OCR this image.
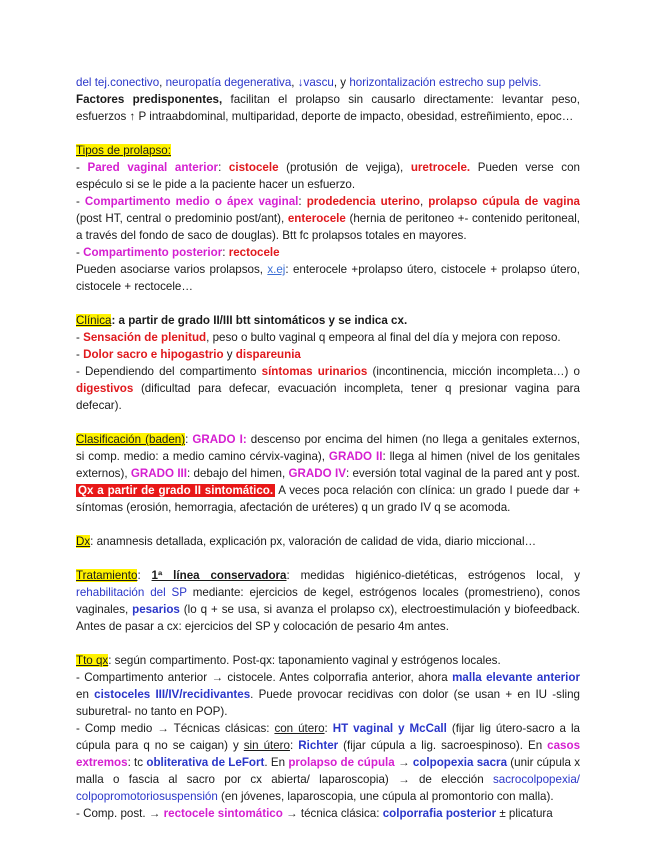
del tej.conectivo, neuropatía degenerativa, ↓vascu, y horizontalización estrecho sup pelvis.

Factores predisponentes, facilitan el prolapso sin causarlo directamente: levantar peso, esfuerzos ↑ P intraabdominal, multiparidad, deporte de impacto, obesidad, estreñimiento, epoc…

Tipos de prolapso:

- Pared vaginal anterior: cistocele (protusión de vejiga), uretrocele. Pueden verse con espéculo si se le pide a la paciente hacer un esfuerzo.

- Compartimento medio o ápex vaginal: prodedencia uterino, prolapso cúpula de vagina (post HT, central o predominio post/ant), enterocele (hernia de peritoneo +- contenido peritoneal, a través del fondo de saco de douglas). Btt fc prolapsos totales en mayores.

- Compartimento posterior: rectocele

Pueden asociarse varios prolapsos, x.ej: enterocele +prolapso útero, cistocele + prolapso útero, cistocele + rectocele…

Clínica: a partir de grado II/III btt sintomáticos y se indica cx.

- Sensación de plenitud, peso o bulto vaginal q empeora al final del día y mejora con reposo.

- Dolor sacro e hipogastrio y dispareunia

- Dependiendo del compartimento síntomas urinarios (incontinencia, micción incompleta…) o digestivos (dificultad para defecar, evacuación incompleta, tener q presionar vagina para defecar).

Clasificación (baden): GRADO I: descenso por encima del himen (no llega a genitales externos, si comp. medio: a medio camino cérvix-vagina), GRADO II: llega al himen (nivel de los genitales externos), GRADO III: debajo del himen, GRADO IV: eversión total vaginal de la pared ant y post. Qx a partir de grado II sintomático. A veces poca relación con clínica: un grado I puede dar + síntomas (erosión, hemorragia, afectación de uréteres) q un grado IV q se acomoda.

Dx: anamnesis detallada, explicación px, valoración de calidad de vida, diario miccional…

Tratamiento: 1ª línea conservadora: medidas higiénico-dietéticas, estrógenos local, y rehabilitación del SP mediante: ejercicios de kegel, estrógenos locales (promestrieno), conos vaginales, pesarios (lo q + se usa, si avanza el prolapso cx), electroestimulación y biofeedback. Antes de pasar a cx: ejercicios del SP y colocación de pesario 4m antes.

Tto qx: según compartimento. Post-qx: taponamiento vaginal y estrógenos locales.

- Compartimento anterior → cistocele. Antes colporrafia anterior, ahora malla elevante anterior en cistoceles III/IV/recidivantes. Puede provocar recidivas con dolor (se usan + en IU -sling suburetral- no tanto en POP).

- Comp medio → Técnicas clásicas: con útero: HT vaginal y McCall (fijar lig útero-sacro a la cúpula para q no se caigan) y sin útero: Richter (fijar cúpula a lig. sacroespinoso). En casos extremos: tc obliterativa de LeFort. En prolapso de cúpula → colpopexia sacra (unir cúpula x malla o fascia al sacro por cx abierta/ laparoscopia) → de elección sacrocolpopexia/ colpopromotoriosuspensión (en jóvenes, laparoscopia, une cúpula al promontorio con malla).

- Comp. post. → rectocele sintomático → técnica clásica: colporrafia posterior ± plicatura
